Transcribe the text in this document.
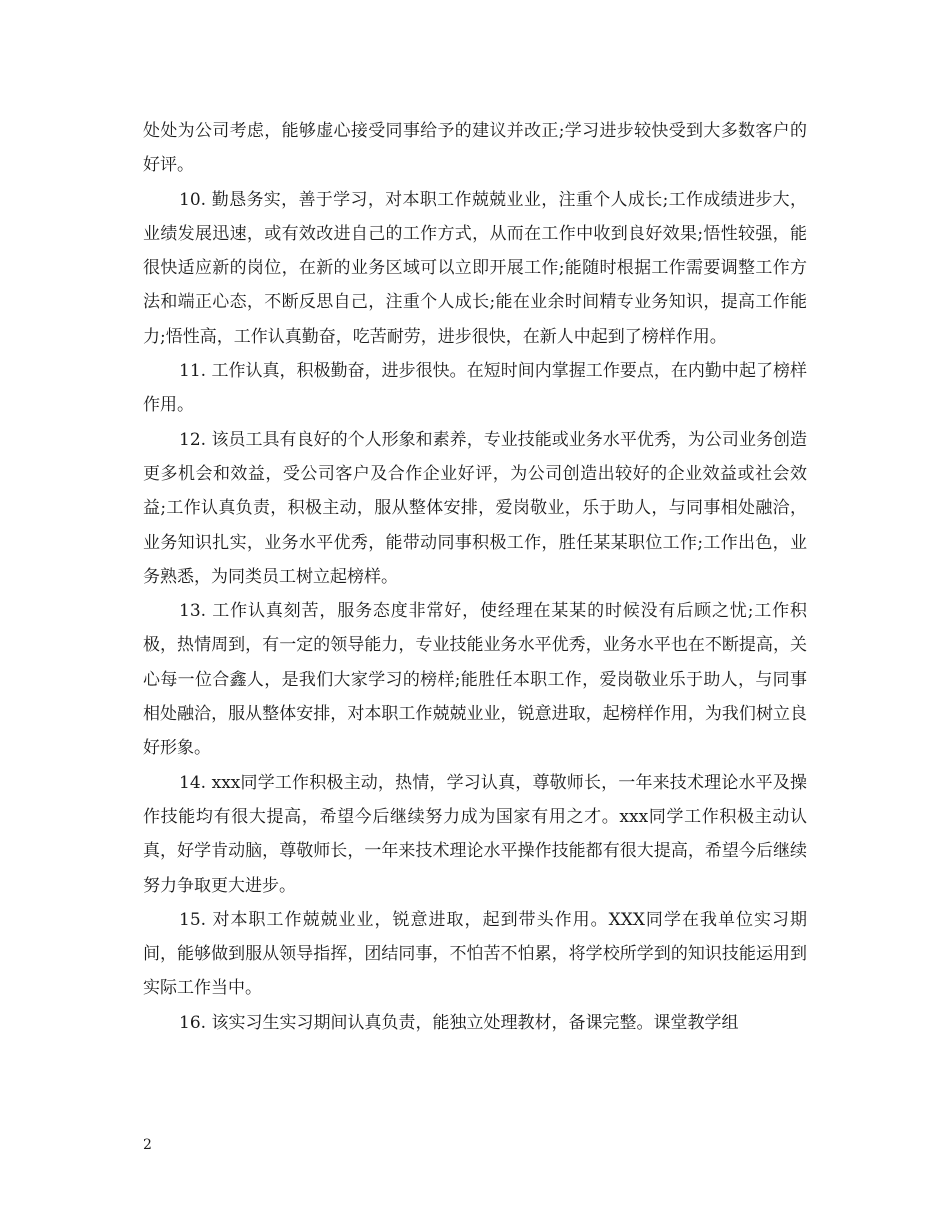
处处为公司考虑，能够虚心接受同事给予的建议并改正;学习进步较快受到大多数客户的好评。

10. 勤恳务实，善于学习，对本职工作兢兢业业，注重个人成长;工作成绩进步大，业绩发展迅速，或有效改进自己的工作方式，从而在工作中收到良好效果;悟性较强，能很快适应新的岗位，在新的业务区域可以立即开展工作;能随时根据工作需要调整工作方法和端正心态，不断反思自己，注重个人成长;能在业余时间精专业务知识，提高工作能力;悟性高，工作认真勤奋，吃苦耐劳，进步很快，在新人中起到了榜样作用。

11. 工作认真，积极勤奋，进步很快。在短时间内掌握工作要点，在内勤中起了榜样作用。

12. 该员工具有良好的个人形象和素养，专业技能或业务水平优秀，为公司业务创造更多机会和效益，受公司客户及合作企业好评，为公司创造出较好的企业效益或社会效益;工作认真负责，积极主动，服从整体安排，爱岗敬业，乐于助人，与同事相处融洽，业务知识扎实，业务水平优秀，能带动同事积极工作，胜任某某职位工作;工作出色，业务熟悉，为同类员工树立起榜样。

13. 工作认真刻苦，服务态度非常好，使经理在某某的时候没有后顾之忧;工作积极，热情周到，有一定的领导能力，专业技能业务水平优秀，业务水平也在不断提高，关心每一位合鑫人，是我们大家学习的榜样;能胜任本职工作，爱岗敬业乐于助人，与同事相处融洽，服从整体安排，对本职工作兢兢业业，锐意进取，起榜样作用，为我们树立良好形象。

14. xxx同学工作积极主动，热情，学习认真，尊敬师长，一年来技术理论水平及操作技能均有很大提高，希望今后继续努力成为国家有用之才。xxx同学工作积极主动认真，好学肯动脑，尊敬师长，一年来技术理论水平操作技能都有很大提高，希望今后继续努力争取更大进步。

15. 对本职工作兢兢业业，锐意进取，起到带头作用。XXX同学在我单位实习期间，能够做到服从领导指挥，团结同事，不怕苦不怕累，将学校所学到的知识技能运用到实际工作当中。

16. 该实习生实习期间认真负责，能独立处理教材，备课完整。课堂教学组

2
